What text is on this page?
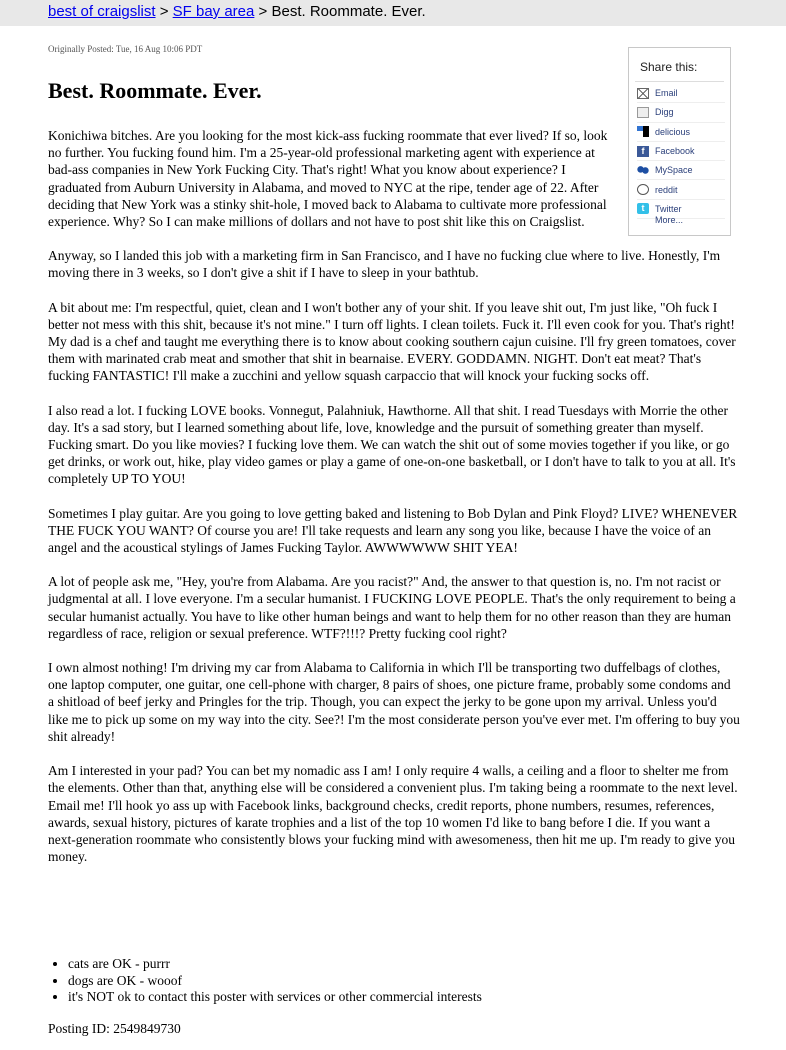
best of craigslist > SF bay area > Best. Roommate. Ever.
Originally Posted: Tue, 16 Aug 10:06 PDT
Best. Roommate. Ever.
Share this:
Email
Digg
delicious
f	Facebook
MySpace
reddit
t	Twitter
More...

Konichiwa bitches. Are you looking for the most kick-ass fucking roommate that ever lived? If so, look no further. You fucking found him. I'm a 25-year-old professional marketing agent with experience at bad-ass companies in New York Fucking City. That's right! What you know about experience? I graduated from Auburn University in Alabama, and moved to NYC at the ripe, tender age of 22. After deciding that New York was a stinky shit-hole, I moved back to Alabama to cultivate more professional experience. Why? So I can make millions of dollars and not have to post shit like this on Craigslist.

Anyway, so I landed this job with a marketing firm in San Francisco, and I have no fucking clue where to live. Honestly, I'm moving there in 3 weeks, so I don't give a shit if I have to sleep in your bathtub.

A bit about me: I'm respectful, quiet, clean and I won't bother any of your shit. If you leave shit out, I'm just like, "Oh fuck I better not mess with this shit, because it's not mine." I turn off lights. I clean toilets. Fuck it. I'll even cook for you. That's right! My dad is a chef and taught me everything there is to know about cooking southern cajun cuisine. I'll fry green tomatoes, cover them with marinated crab meat and smother that shit in bearnaise. EVERY. GODDAMN. NIGHT. Don't eat meat? That's fucking FANTASTIC! I'll make a zucchini and yellow squash carpaccio that will knock your fucking socks off.

I also read a lot. I fucking LOVE books. Vonnegut, Palahniuk, Hawthorne. All that shit. I read Tuesdays with Morrie the other day. It's a sad story, but I learned something about life, love, knowledge and the pursuit of something greater than myself. Fucking smart. Do you like movies? I fucking love them. We can watch the shit out of some movies together if you like, or go get drinks, or work out, hike, play video games or play a game of one-on-one basketball, or I don't have to talk to you at all. It's completely UP TO YOU!

Sometimes I play guitar. Are you going to love getting baked and listening to Bob Dylan and Pink Floyd? LIVE? WHENEVER THE FUCK YOU WANT? Of course you are! I'll take requests and learn any song you like, because I have the voice of an angel and the acoustical stylings of James Fucking Taylor. AWWWWWW SHIT YEA!

A lot of people ask me, "Hey, you're from Alabama. Are you racist?" And, the answer to that question is, no. I'm not racist or judgmental at all. I love everyone. I'm a secular humanist. I FUCKING LOVE PEOPLE. That's the only requirement to being a secular humanist actually. You have to like other human beings and want to help them for no other reason than they are human regardless of race, religion or sexual preference. WTF?!!!? Pretty fucking cool right?

I own almost nothing! I'm driving my car from Alabama to California in which I'll be transporting two duffelbags of clothes, one laptop computer, one guitar, one cell-phone with charger, 8 pairs of shoes, one picture frame, probably some condoms and a shitload of beef jerky and Pringles for the trip. Though, you can expect the jerky to be gone upon my arrival. Unless you'd like me to pick up some on my way into the city. See?! I'm the most considerate person you've ever met. I'm offering to buy you shit already!

Am I interested in your pad? You can bet my nomadic ass I am! I only require 4 walls, a ceiling and a floor to shelter me from the elements. Other than that, anything else will be considered a convenient plus. I'm taking being a roommate to the next level. Email me! I'll hook yo ass up with Facebook links, background checks, credit reports, phone numbers, resumes, references, awards, sexual history, pictures of karate trophies and a list of the top 10 women I'd like to bang before I die. If you want a next-generation roommate who consistently blows your fucking mind with awesomeness, then hit me up. I'm ready to give you money.

• cats are OK - purrr
• dogs are OK - wooof
• it's NOT ok to contact this poster with services or other commercial interests
Posting ID: 2549849730
